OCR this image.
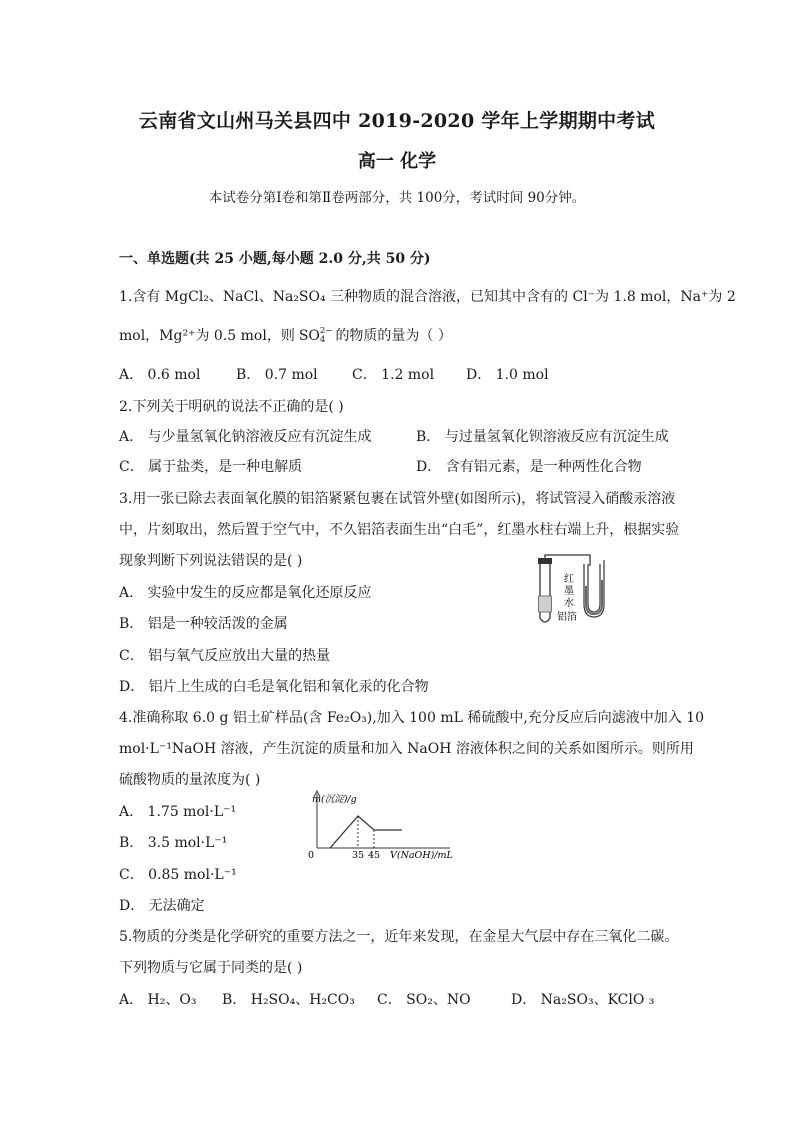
云南省文山州马关县四中 2019-2020 学年上学期期中考试
高一 化学
本试卷分第Ⅰ卷和第Ⅱ卷两部分，共 100分，考试时间 90分钟。
一、单选题(共 25 小题,每小题 2.0 分,共 50 分)
1.含有 MgCl₂、NaCl、Na₂SO₄ 三种物质的混合溶液，已知其中含有的 Cl⁻为 1.8 mol，Na⁺为 2
mol，Mg²⁺为 0.5 mol，则 SO 2−
4 的物质的量为（ ）
A． 0.6 mol	B． 0.7 mol C． 1.2 mol D． 1.0 mol
2.下列关于明矾的说法不正确的是( )
A． 与少量氢氧化钠溶液反应有沉淀生成	B． 与过量氢氧化钡溶液反应有沉淀生成
C． 属于盐类，是一种电解质	D． 含有铝元素，是一种两性化合物
3.用一张已除去表面氧化膜的铝箔紧紧包裹在试管外壁(如图所示)，将试管浸入硝酸汞溶液
中，片刻取出，然后置于空气中，不久铝箔表面生出“白毛”，红墨水柱右端上升，根据实验
现象判断下列说法错误的是( )
A． 实验中发生的反应都是氧化还原反应
B． 铝是一种较活泼的金属
C． 铝与氧气反应放出大量的热量
D． 铝片上生成的白毛是氧化铝和氧化汞的化合物
红
墨
水
铝箔
4.准确称取 6.0 g 铝土矿样品(含 Fe₂O₃),加入 100 mL 稀硫酸中,充分反应后向滤液中加入 10
mol·L⁻¹NaOH 溶液，产生沉淀的质量和加入 NaOH 溶液体积之间的关系如图所示。则所用
硫酸物质的量浓度为( )
A． 1.75 mol·L⁻¹
B． 3.5 mol·L⁻¹
C． 0.85 mol·L⁻¹
D． 无法确定
m(沉淀)/g
0	35 45 V(NaOH)/mL
5.物质的分类是化学研究的重要方法之一，近年来发现，在金星大气层中存在三氧化二碳。
下列物质与它属于同类的是( )
A． H₂、O₃ B． H₂SO₄、H₂CO₃ C． SO₂、NO	D． Na₂SO₃、KClO ₃
